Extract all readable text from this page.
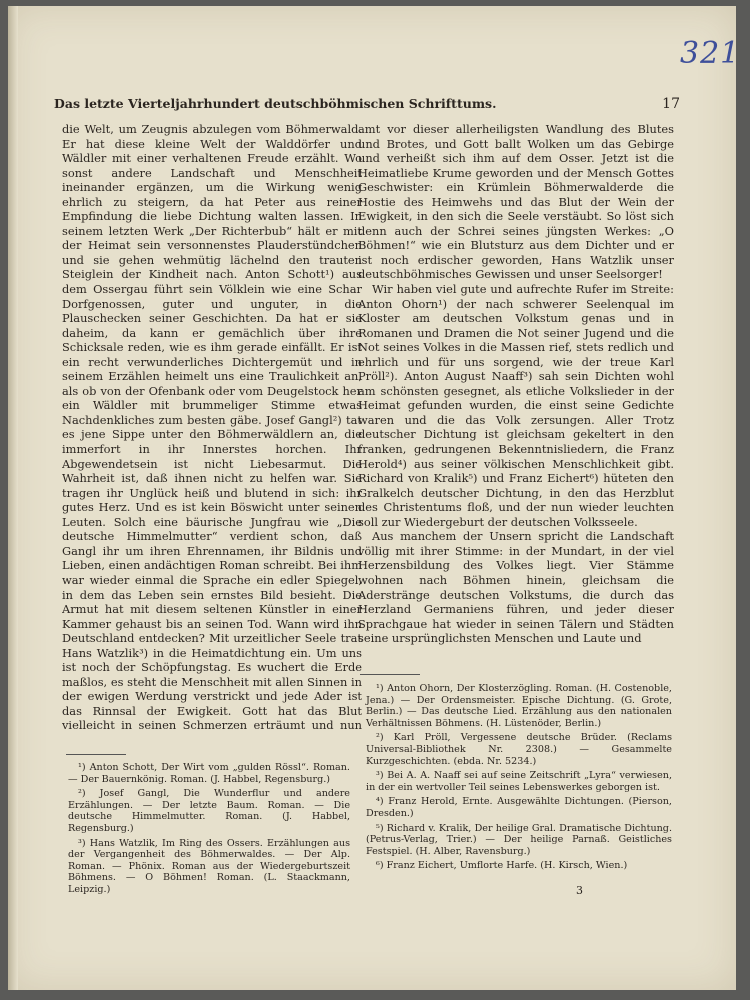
321
Das letzte Vierteljahrhundert deutschböhmischen Schrifttums.	17

die Welt, um Zeugnis abzulegen vom Böhmerwald. Er hat diese kleine Welt der Walddörfer und Wäldler mit einer verhaltenen Freude erzählt. Wo sonst andere Landschaft und Menschheit ineinander ergänzen, um die Wirkung wenig ehrlich zu steigern, da hat Peter aus reiner Empfindung die liebe Dichtung walten lassen. In seinem letzten Werk „Der Richterbub“ hält er mit der Heimat sein versonnenstes Plauderstündchen und sie gehen wehmütig lächelnd den trauten Steiglein der Kindheit nach. Anton Schott¹) aus dem Ossergau führt sein Völklein wie eine Schar Dorfgenossen, guter und unguter, in die Plauschecken seiner Geschichten. Da hat er sie daheim, da kann er gemächlich über ihre Schicksale reden, wie es ihm gerade einfällt. Er ist ein recht verwunderliches Dichtergemüt und in seinem Erzählen heimelt uns eine Traulichkeit an, als ob von der Ofenbank oder vom Deugelstock her ein Wäldler mit brummeliger Stimme etwas Nachdenkliches zum besten gäbe. Josef Gangl²) tat es jene Sippe unter den Böhmerwäldlern an, die immerfort in ihr Innerstes horchen. Ihr Abgewendetsein ist nicht Liebesarmut. Die Wahrheit ist, daß ihnen nicht zu helfen war. Sie tragen ihr Unglück heiß und blutend in sich: ihr gutes Herz. Und es ist kein Böswicht unter seinen Leuten. Solch eine bäurische Jungfrau wie „Die deutsche Himmelmutter“ verdient schon, daß Gangl ihr um ihren Ehrennamen, ihr Bildnis und Lieben, einen andächtigen Roman schreibt. Bei ihm war wieder einmal die Sprache ein edler Spiegel, in dem das Leben sein ernstes Bild besieht. Die Armut hat mit diesem seltenen Künstler in einer Kammer gehaust bis an seinen Tod. Wann wird ihn Deutschland entdecken? Mit urzeitlicher Seele trat Hans Watzlik³) in die Heimatdichtung ein. Um uns ist noch der Schöpfungstag. Es wuchert die Erde maßlos, es steht die Menschheit mit allen Sinnen in der ewigen Werdung verstrickt und jede Ader ist das Rinnsal der Ewigkeit. Gott hat das Blut vielleicht in seinen Schmerzen erträumt und nun

amt vor dieser allerheiligsten Wandlung des Blutes und Brotes, und Gott ballt Wolken um das Gebirge und verheißt sich ihm auf dem Osser. Jetzt ist die Heimatliebe Krume geworden und der Mensch Gottes Geschwister: ein Krümlein Böhmerwalderde die Hostie des Heimwehs und das Blut der Wein der Ewigkeit, in den sich die Seele verstäubt. So löst sich denn auch der Schrei seines jüngsten Werkes: „O Böhmen!“ wie ein Blutsturz aus dem Dichter und er ist noch erdischer geworden, Hans Watzlik unser deutschböhmisches Gewissen und unser Seelsorger!

Wir haben viel gute und aufrechte Rufer im Streite: Anton Ohorn¹) der nach schwerer Seelenqual im Kloster am deutschen Volkstum genas und in Romanen und Dramen die Not seiner Jugend und die Not seines Volkes in die Massen rief, stets redlich und ehrlich und für uns sorgend, wie der treue Karl Pröll²). Anton August Naaff³) sah sein Dichten wohl am schönsten gesegnet, als etliche Volkslieder in der Heimat gefunden wurden, die einst seine Gedichte waren und die das Volk zersungen. Aller Trotz deutscher Dichtung ist gleichsam gekeltert in den franken, gedrungenen Bekenntnisliedern, die Franz Herold⁴) aus seiner völkischen Menschlichkeit gibt. Richard von Kralik⁵) und Franz Eichert⁶) hüteten den Gralkelch deutscher Dichtung, in den das Herzblut des Christentums floß, und der nun wieder leuchten soll zur Wiedergeburt der deutschen Volksseele.

Aus manchem der Unsern spricht die Landschaft völlig mit ihrer Stimme: in der Mundart, in der viel Herzensbildung des Volkes liegt. Vier Stämme wohnen nach Böhmen hinein, gleichsam die Aderstränge deutschen Volkstums, die durch das Herzland Germaniens führen, und jeder dieser Sprachgaue hat wieder in seinen Tälern und Städten seine ursprünglichsten Menschen und Laute und

¹) Anton Schott, Der Wirt vom „gulden Rössl“. Roman. — Der Bauernkönig. Roman. (J. Habbel, Regensburg.)

²) Josef Gangl, Die Wunderflur und andere Erzählungen. — Der letzte Baum. Roman. — Die deutsche Himmelmutter. Roman. (J. Habbel, Regensburg.)

³) Hans Watzlik, Im Ring des Ossers. Erzählungen aus der Vergangenheit des Böhmerwaldes. — Der Alp. Roman. — Phönix. Roman aus der Wiedergeburtszeit Böhmens. — O Böhmen! Roman. (L. Staackmann, Leipzig.)

¹) Anton Ohorn, Der Klosterzögling. Roman. (H. Costenoble, Jena.) — Der Ordensmeister. Epische Dichtung. (G. Grote, Berlin.) — Das deutsche Lied. Erzählung aus den nationalen Verhältnissen Böhmens. (H. Lüstenöder, Berlin.)

²) Karl Pröll, Vergessene deutsche Brüder. (Reclams Universal-Bibliothek Nr. 2308.) — Gesammelte Kurzgeschichten. (ebda. Nr. 5234.)

³) Bei A. A. Naaff sei auf seine Zeitschrift „Lyra“ verwiesen, in der ein wertvoller Teil seines Lebenswerkes geborgen ist.

⁴) Franz Herold, Ernte. Ausgewählte Dichtungen. (Pierson, Dresden.)

⁵) Richard v. Kralik, Der heilige Gral. Dramatische Dichtung. (Petrus-Verlag, Trier.) — Der heilige Parnaß. Geistliches Festspiel. (H. Alber, Ravensburg.)

⁶) Franz Eichert, Umflorte Harfe. (H. Kirsch, Wien.)

3
